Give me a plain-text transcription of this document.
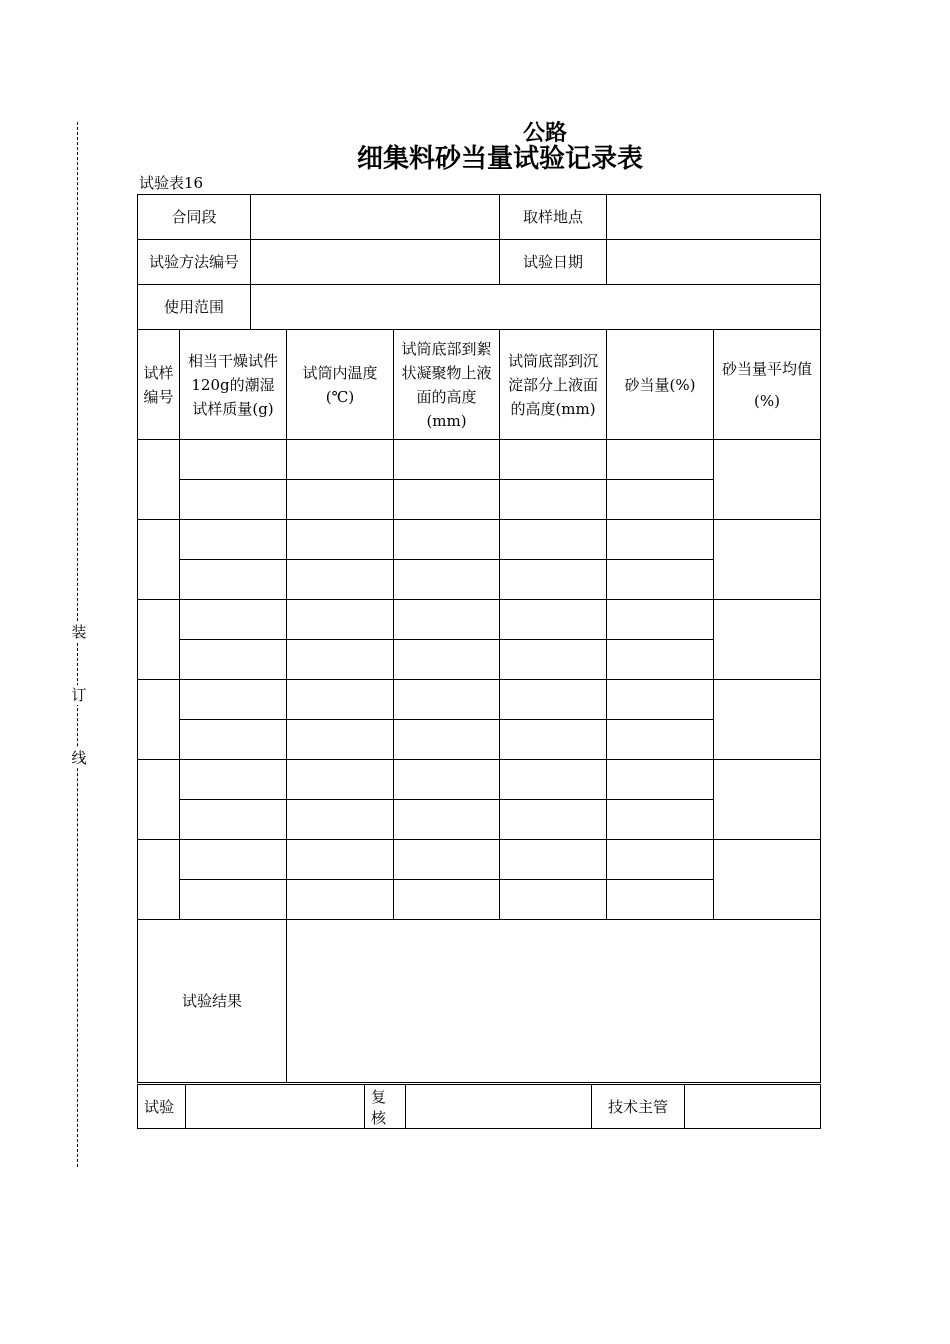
装
订
线
公路
细集料砂当量试验记录表
试验表16
合同段					取样地点		
试验方法编号					试验日期		
使用范围							
试样编号	相当干燥试件120g的潮湿试样质量(g)		试筒内温度(℃)	试筒底部到絮状凝聚物上液面的高度(mm)	试筒底部到沉淀部分上液面的高度(mm)	砂当量(%)	砂当量平均值
(%)

试验结果							
试验		复核		技术主管	
